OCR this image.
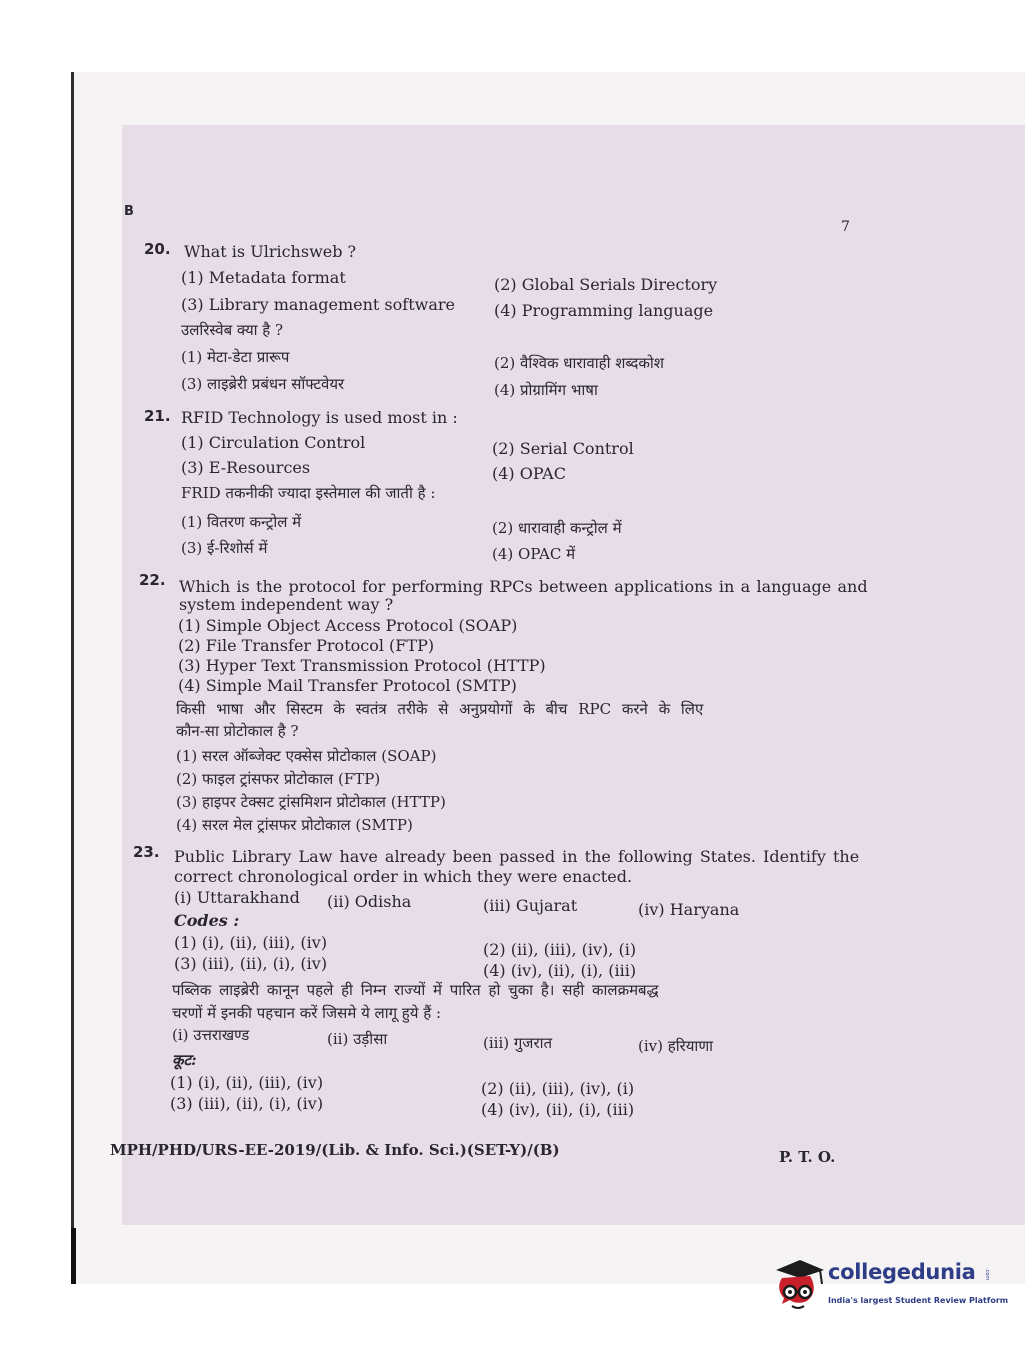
B
7
20. What is Ulrichsweb ?
(1) Metadata format	(2) Global Serials Directory
(3) Library management software (4) Programming language
उलरिस्वेब क्या है ?
(1) मेटा-डेटा प्रारूप	(2) वैश्विक धारावाही शब्दकोश
(3) लाइब्रेरी प्रबंधन सॉफ्टवेयर	(4) प्रोग्रामिंग भाषा
21. RFID Technology is used most in :
(1) Circulation Control	(2) Serial Control
(3) E-Resources	(4) OPAC
FRID तकनीकी ज्यादा इस्तेमाल की जाती है :
(1) वितरण कन्ट्रोल में	(2) धारावाही कन्ट्रोल में
(3) ई-रिशोर्स में	(4) OPAC में
22. Which is the protocol for performing RPCs between applications in a language and
system independent way ?
(1) Simple Object Access Protocol (SOAP)
(2) File Transfer Protocol (FTP)
(3) Hyper Text Transmission Protocol (HTTP)
(4) Simple Mail Transfer Protocol (SMTP)
किसी भाषा और सिस्टम के स्वतंत्र तरीके से अनुप्रयोगों के बीच RPC करने के लिए
कौन-सा प्रोटोकाल है ?
(1) सरल ऑब्जेक्ट एक्सेस प्रोटोकाल (SOAP)
(2) फाइल ट्रांसफर प्रोटोकाल (FTP)
(3) हाइपर टेक्सट ट्रांसमिशन प्रोटोकाल (HTTP)
(4) सरल मेल ट्रांसफर प्रोटोकाल (SMTP)
23. Public Library Law have already been passed in the following States. Identify the
correct chronological order in which they were enacted.
(i) Uttarakhand (ii) Odisha	(iii) Gujarat	(iv) Haryana
Codes :
(1) (i), (ii), (iii), (iv)	(2) (ii), (iii), (iv), (i)
(3) (iii), (ii), (i), (iv)	(4) (iv), (ii), (i), (iii)
पब्लिक लाइब्रेरी कानून पहले ही निम्न राज्यों में पारित हो चुका है। सही कालक्रमबद्ध
चरणों में इनकी पहचान करें जिसमे ये लागू हुये हैं :
(i) उत्तराखण्ड	(ii) उड़ीसा	(iii) गुजरात	(iv) हरियाणा
कूट:
(1) (i), (ii), (iii), (iv)	(2) (ii), (iii), (iv), (i)
(3) (iii), (ii), (i), (iv)	(4) (iv), (ii), (i), (iii)
MPH/PHD/URS-EE-2019/(Lib. & Info. Sci.)(SET-Y)/(B)	P. T. O.
collegedunia .com
India's largest Student Review Platform
